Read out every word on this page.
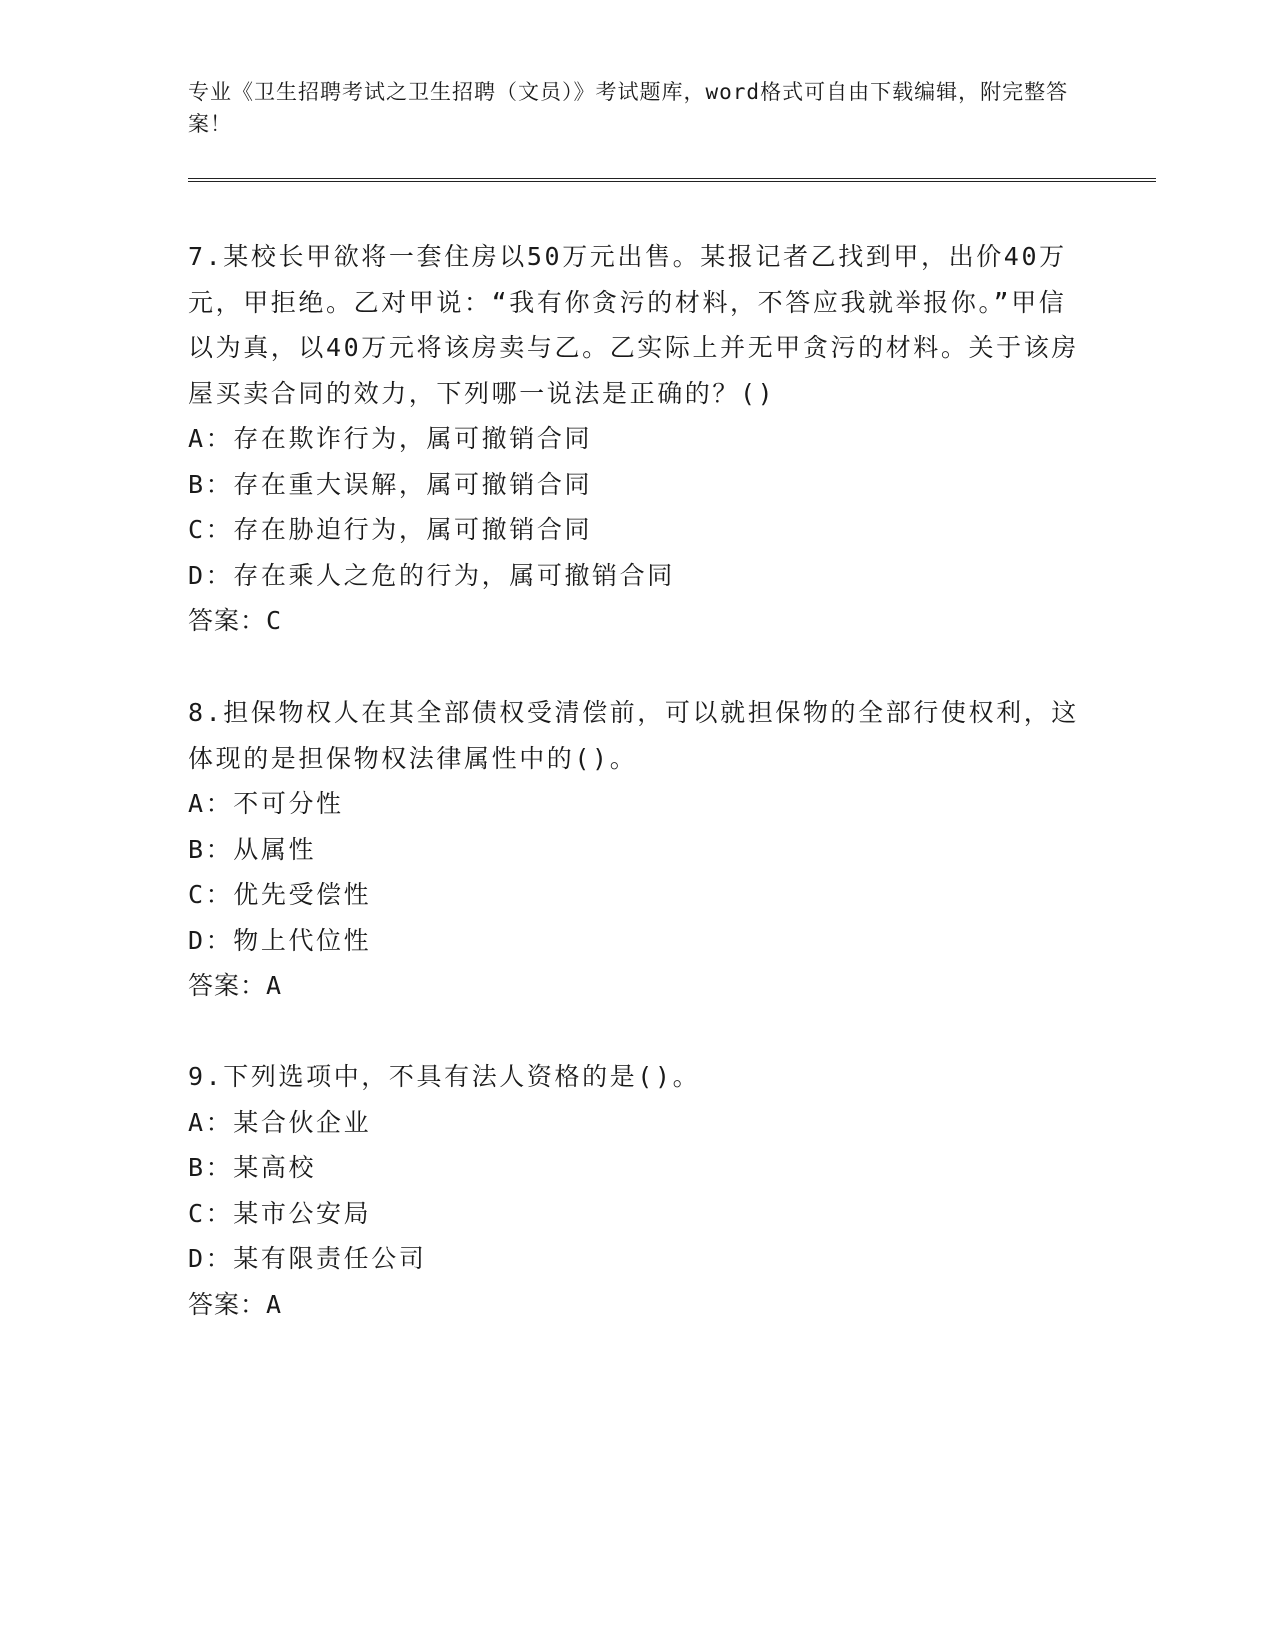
专业《卫生招聘考试之卫生招聘（文员）》考试题库，word格式可自由下载编辑，附完整答案！

7.某校长甲欲将一套住房以50万元出售。某报记者乙找到甲，出价40万元，甲拒绝。乙对甲说：“我有你贪污的材料，不答应我就举报你。”甲信以为真，以40万元将该房卖与乙。乙实际上并无甲贪污的材料。关于该房屋买卖合同的效力，下列哪一说法是正确的？()

A：存在欺诈行为，属可撤销合同

B：存在重大误解，属可撤销合同

C：存在胁迫行为，属可撤销合同

D：存在乘人之危的行为，属可撤销合同

答案：C

8.担保物权人在其全部债权受清偿前，可以就担保物的全部行使权利，这体现的是担保物权法律属性中的()。

A：不可分性

B：从属性

C：优先受偿性

D：物上代位性

答案：A

9.下列选项中，不具有法人资格的是()。

A：某合伙企业

B：某高校

C：某市公安局

D：某有限责任公司

答案：A
